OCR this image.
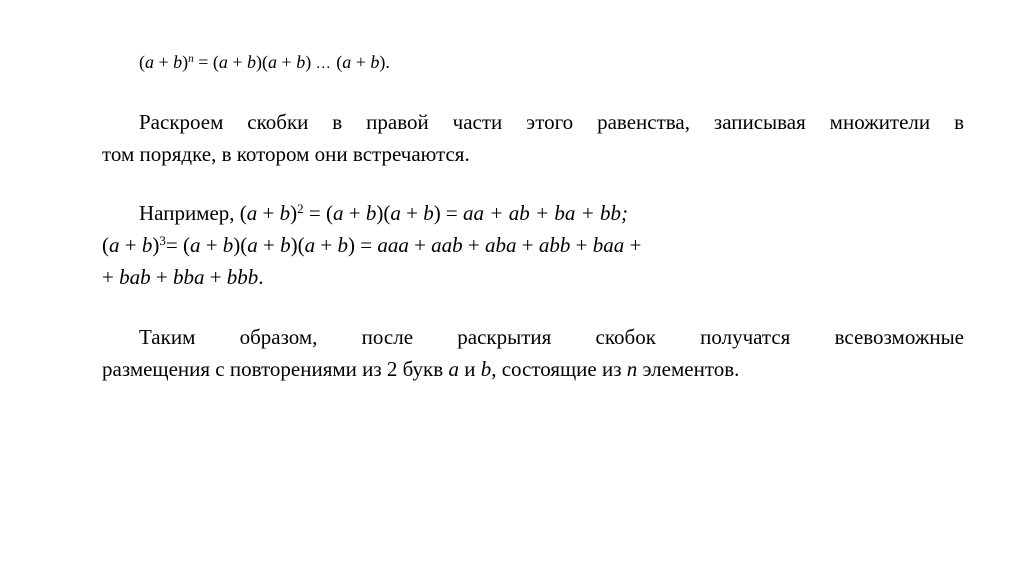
$(a + b)^n = (a + b)(a + b)$ … (a + b).
Раскроем скобки в правой части этого равенства, записывая множители в
том порядке, в котором они встречаются.
Например, $(a + b)^2 = (a + b)(a + b)$ = aa + ab + ba + bb;
$(a + b)^3= (a + b)(a + b)(a + b)$ = aaa + aab + aba + abb + baa +
+ bab + bba + bbb.
Таким образом, после раскрытия скобок получатся всевозможные
размещения с повторениями из 2 букв a и b, состоящие из n элементов.
